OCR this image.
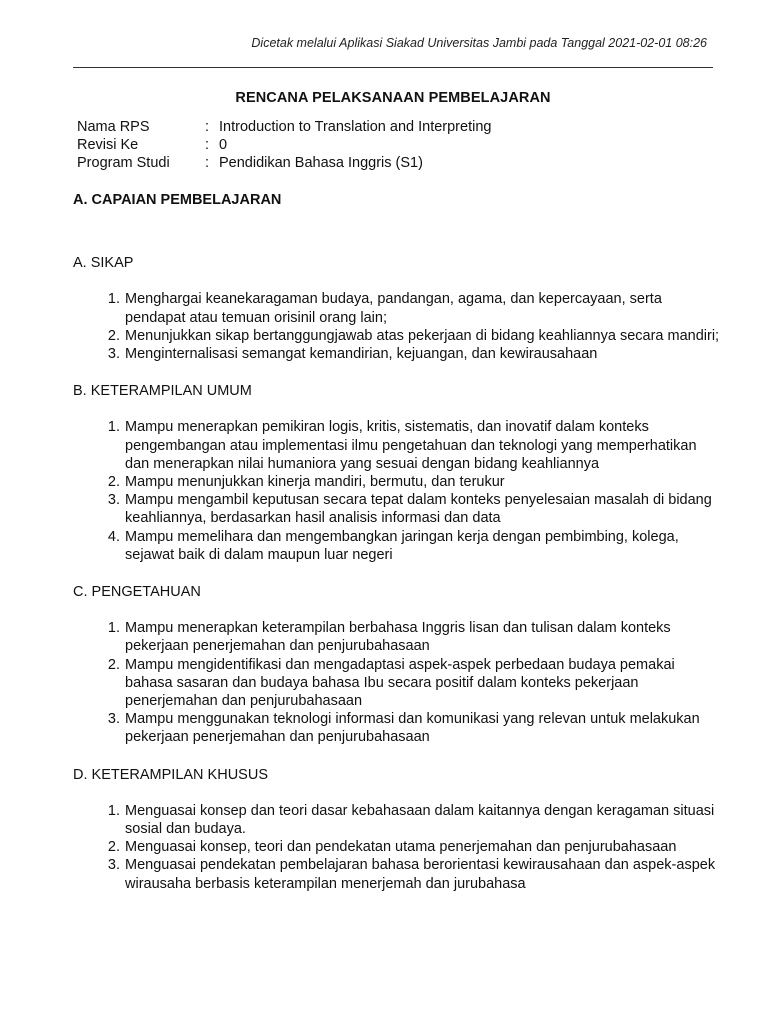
Dicetak melalui Aplikasi Siakad Universitas Jambi pada Tanggal 2021-02-01 08:26
RENCANA PELAKSANAAN PEMBELAJARAN
Nama RPS	: Introduction to Translation and Interpreting
Revisi Ke	: 0
Program Studi	: Pendidikan Bahasa Inggris (S1)
A. CAPAIAN PEMBELAJARAN
A. SIKAP
1. Menghargai keanekaragaman budaya, pandangan, agama, dan kepercayaan, serta pendapat atau temuan orisinil orang lain;
2. Menunjukkan sikap bertanggungjawab atas pekerjaan di bidang keahliannya secara mandiri;
3. Menginternalisasi semangat kemandirian, kejuangan, dan kewirausahaan
B. KETERAMPILAN UMUM
1. Mampu menerapkan pemikiran logis, kritis, sistematis, dan inovatif dalam konteks pengembangan atau implementasi ilmu pengetahuan dan teknologi yang memperhatikan dan menerapkan nilai humaniora yang sesuai dengan bidang keahliannya
2. Mampu menunjukkan kinerja mandiri, bermutu, dan terukur
3. Mampu mengambil keputusan secara tepat dalam konteks penyelesaian masalah di bidang keahliannya, berdasarkan hasil analisis informasi dan data
4. Mampu memelihara dan mengembangkan jaringan kerja dengan pembimbing, kolega, sejawat baik di dalam maupun luar negeri
C. PENGETAHUAN
1. Mampu menerapkan keterampilan berbahasa Inggris lisan dan tulisan dalam konteks pekerjaan penerjemahan dan penjurubahasaan
2. Mampu mengidentifikasi dan mengadaptasi aspek-aspek perbedaan budaya pemakai bahasa sasaran dan budaya bahasa Ibu secara positif dalam konteks pekerjaan penerjemahan dan penjurubahasaan
3. Mampu menggunakan teknologi informasi dan komunikasi yang relevan untuk melakukan pekerjaan penerjemahan dan penjurubahasaan
D. KETERAMPILAN KHUSUS
1. Menguasai konsep dan teori dasar kebahasaan dalam kaitannya dengan keragaman situasi sosial dan budaya.
2. Menguasai konsep, teori dan pendekatan utama penerjemahan dan penjurubahasaan
3. Menguasai pendekatan pembelajaran bahasa berorientasi kewirausahaan dan aspek-aspek wirausaha berbasis keterampilan menerjemah dan jurubahasa
